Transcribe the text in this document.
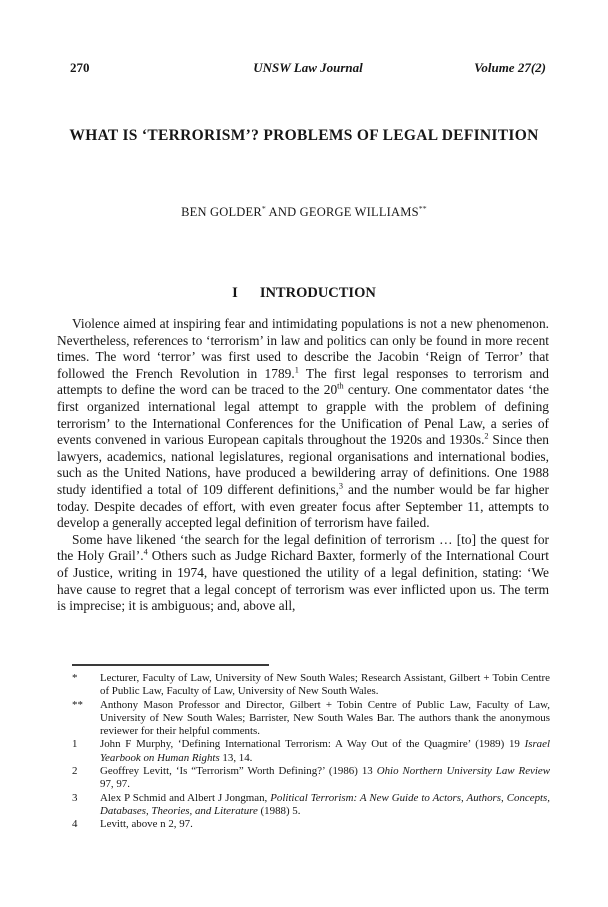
270	UNSW Law Journal	Volume 27(2)
WHAT IS ‘TERRORISM’? PROBLEMS OF LEGAL DEFINITION
BEN GOLDER* AND GEORGE WILLIAMS**
I INTRODUCTION

Violence aimed at inspiring fear and intimidating populations is not a new phenomenon. Nevertheless, references to ‘terrorism’ in law and politics can only be found in more recent times. The word ‘terror’ was first used to describe the Jacobin ‘Reign of Terror’ that followed the French Revolution in 1789.$^1$ The first legal responses to terrorism and attempts to define the word can be traced to the 20th century. One commentator dates ‘the first organized international legal attempt to grapple with the problem of defining terrorism’ to the International Conferences for the Unification of Penal Law, a series of events convened in various European capitals throughout the 1920s and 1930s.$^2$ Since then lawyers, academics, national legislatures, regional organisations and international bodies, such as the United Nations, have produced a bewildering array of definitions. One 1988 study identified a total of 109 different definitions,$^3$ and the number would be far higher today. Despite decades of effort, with even greater focus after September 11, attempts to develop a generally accepted legal definition of terrorism have failed.

Some have likened ‘the search for the legal definition of terrorism … [to] the quest for the Holy Grail’.$^4$ Others such as Judge Richard Baxter, formerly of the International Court of Justice, writing in 1974, have questioned the utility of a legal definition, stating: ‘We have cause to regret that a legal concept of terrorism was ever inflicted upon us. The term is imprecise; it is ambiguous; and, above all,

*	Lecturer, Faculty of Law, University of New South Wales; Research Assistant, Gilbert + Tobin Centre of Public Law, Faculty of Law, University of New South Wales.
**	Anthony Mason Professor and Director, Gilbert + Tobin Centre of Public Law, Faculty of Law, University of New South Wales; Barrister, New South Wales Bar. The authors thank the anonymous reviewer for their helpful comments.
1	John F Murphy, ‘Defining International Terrorism: A Way Out of the Quagmire’ (1989) 19 Israel Yearbook on Human Rights 13, 14.
2	Geoffrey Levitt, ‘Is “Terrorism” Worth Defining?’ (1986) 13 Ohio Northern University Law Review 97, 97.
3	Alex P Schmid and Albert J Jongman, Political Terrorism: A New Guide to Actors, Authors, Concepts, Databases, Theories, and Literature (1988) 5.
4	Levitt, above n 2, 97.
